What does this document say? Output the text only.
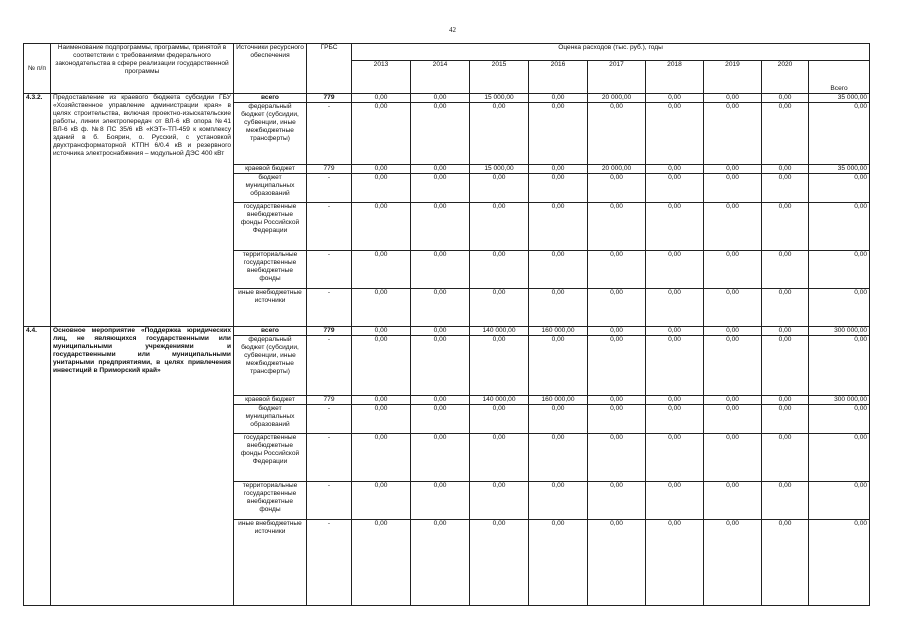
42
№ п/п	Наименование подпрограммы, программы, принятой в соответствии с требованиями федерального законодательства в сфере реализации государственной программы	Источники ресурсного обеспечения	ГРБС	Оценка расходов (тыс. руб.), годы								
				2013	2014	2015	2016	2017	2018	2019	2020	Всего
4.3.2.	Предоставление из краевого бюджета субсидии ГБУ «Хозяйственное управление администрации края» в целях строительства, включая проектно-изыскательские работы, линии электропередач от ВЛ-6 кВ опора №41 ВЛ-6 кВ ф. №8 ПС 35/6 кВ «КЭТ»-ТП-459 к комплексу зданий в б. Боярин, о. Русский, с установкой двухтрансформаторной КТПН 6/0.4 кВ и резервного источника электроснабжения – модульной ДЭС 400 кВт	всего	779	0,00	0,00	15 000,00	0,00	20 000,00	0,00	0,00	0,00	35 000,00
		федеральный бюджет (субсидии, субвенции, иные межбюджетные трансферты)	-	0,00	0,00	0,00	0,00	0,00	0,00	0,00	0,00	0,00
		краевой бюджет	779	0,00	0,00	15 000,00	0,00	20 000,00	0,00	0,00	0,00	35 000,00
		бюджет муниципальных образований	-	0,00	0,00	0,00	0,00	0,00	0,00	0,00	0,00	0,00
		государственные внебюджетные фонды Российской Федерации	-	0,00	0,00	0,00	0,00	0,00	0,00	0,00	0,00	0,00
		территориальные государственные внебюджетные фонды	-	0,00	0,00	0,00	0,00	0,00	0,00	0,00	0,00	0,00
		иные внебюджетные источники	-	0,00	0,00	0,00	0,00	0,00	0,00	0,00	0,00	0,00
4.4.	Основное мероприятие «Поддержка юридических лиц, не являющихся государственными или муниципальными учреждениями и государственными или муниципальными унитарными предприятиями, в целях привлечения инвестиций в Приморский край»	всего	779	0,00	0,00	140 000,00	160 000,00	0,00	0,00	0,00	0,00	300 000,00
		федеральный бюджет (субсидии, субвенции, иные межбюджетные трансферты)	-	0,00	0,00	0,00	0,00	0,00	0,00	0,00	0,00	0,00
		краевой бюджет	779	0,00	0,00	140 000,00	160 000,00	0,00	0,00	0,00	0,00	300 000,00
		бюджет муниципальных образований	-	0,00	0,00	0,00	0,00	0,00	0,00	0,00	0,00	0,00
		государственные внебюджетные фонды Российской Федерации	-	0,00	0,00	0,00	0,00	0,00	0,00	0,00	0,00	0,00
		территориальные государственные внебюджетные фонды	-	0,00	0,00	0,00	0,00	0,00	0,00	0,00	0,00	0,00
		иные внебюджетные источники	-	0,00	0,00	0,00	0,00	0,00	0,00	0,00	0,00	0,00
